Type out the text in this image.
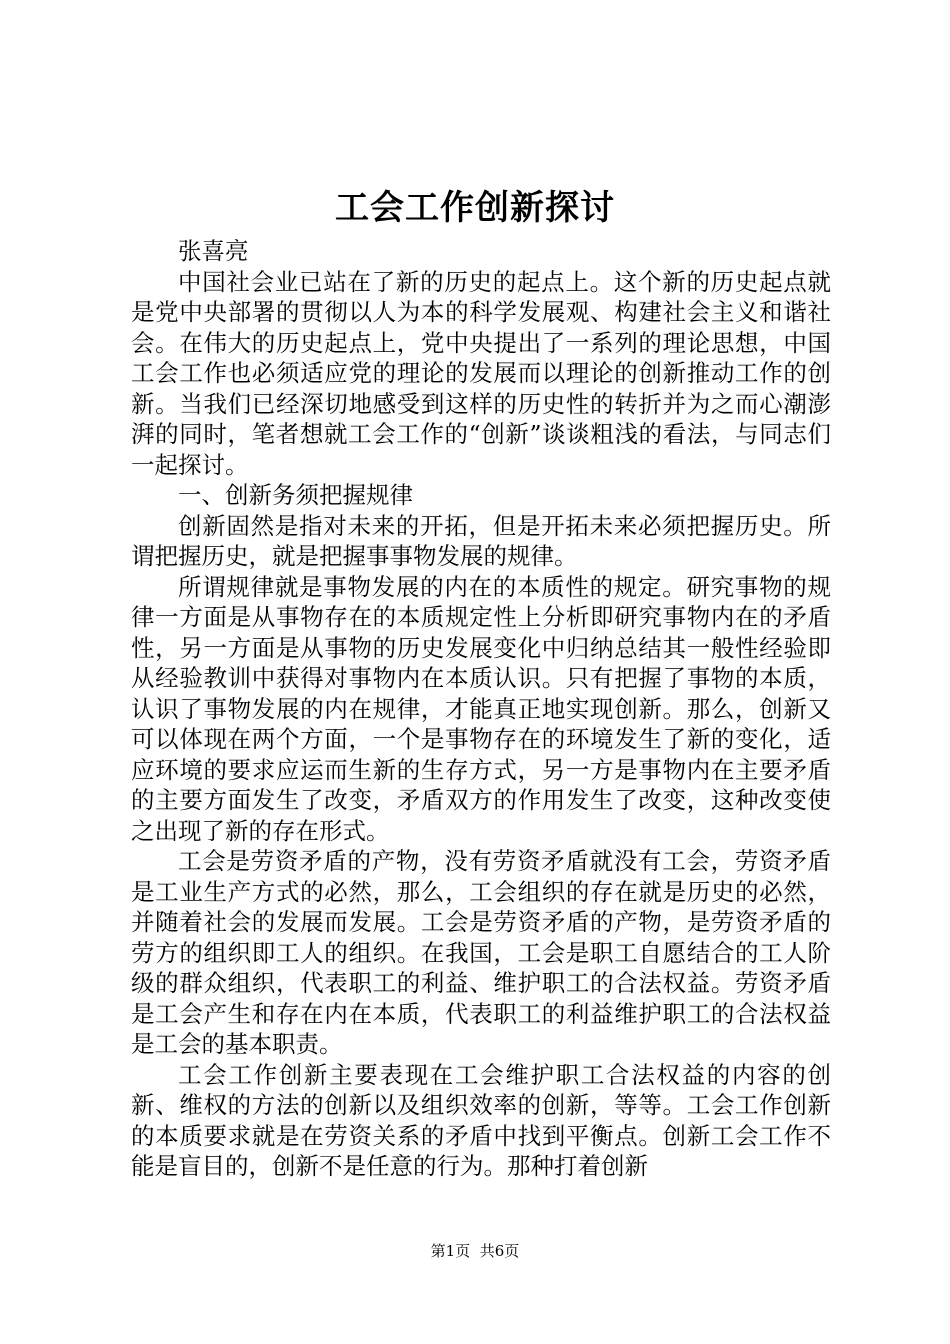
工会工作创新探讨

张喜亮

中国社会业已站在了新的历史的起点上。这个新的历史起点就是党中央部署的贯彻以人为本的科学发展观、构建社会主义和谐社会。在伟大的历史起点上，党中央提出了一系列的理论思想，中国工会工作也必须适应党的理论的发展而以理论的创新推动工作的创新。当我们已经深切地感受到这样的历史性的转折并为之而心潮澎湃的同时，笔者想就工会工作的“创新”谈谈粗浅的看法，与同志们一起探讨。

一、创新务须把握规律

创新固然是指对未来的开拓，但是开拓未来必须把握历史。所谓把握历史，就是把握事事物发展的规律。

所谓规律就是事物发展的内在的本质性的规定。研究事物的规律一方面是从事物存在的本质规定性上分析即研究事物内在的矛盾性，另一方面是从事物的历史发展变化中归纳总结其一般性经验即从经验教训中获得对事物内在本质认识。只有把握了事物的本质，认识了事物发展的内在规律，才能真正地实现创新。那么，创新又可以体现在两个方面，一个是事物存在的环境发生了新的变化，适应环境的要求应运而生新的生存方式，另一方是事物内在主要矛盾的主要方面发生了改变，矛盾双方的作用发生了改变，这种改变使之出现了新的存在形式。

工会是劳资矛盾的产物，没有劳资矛盾就没有工会，劳资矛盾是工业生产方式的必然，那么，工会组织的存在就是历史的必然，并随着社会的发展而发展。工会是劳资矛盾的产物，是劳资矛盾的劳方的组织即工人的组织。在我国，工会是职工自愿结合的工人阶级的群众组织，代表职工的利益、维护职工的合法权益。劳资矛盾是工会产生和存在内在本质，代表职工的利益维护职工的合法权益是工会的基本职责。

工会工作创新主要表现在工会维护职工合法权益的内容的创新、维权的方法的创新以及组织效率的创新，等等。工会工作创新的本质要求就是在劳资关系的矛盾中找到平衡点。创新工会工作不能是盲目的，创新不是任意的行为。那种打着创新

第1页 共6页
